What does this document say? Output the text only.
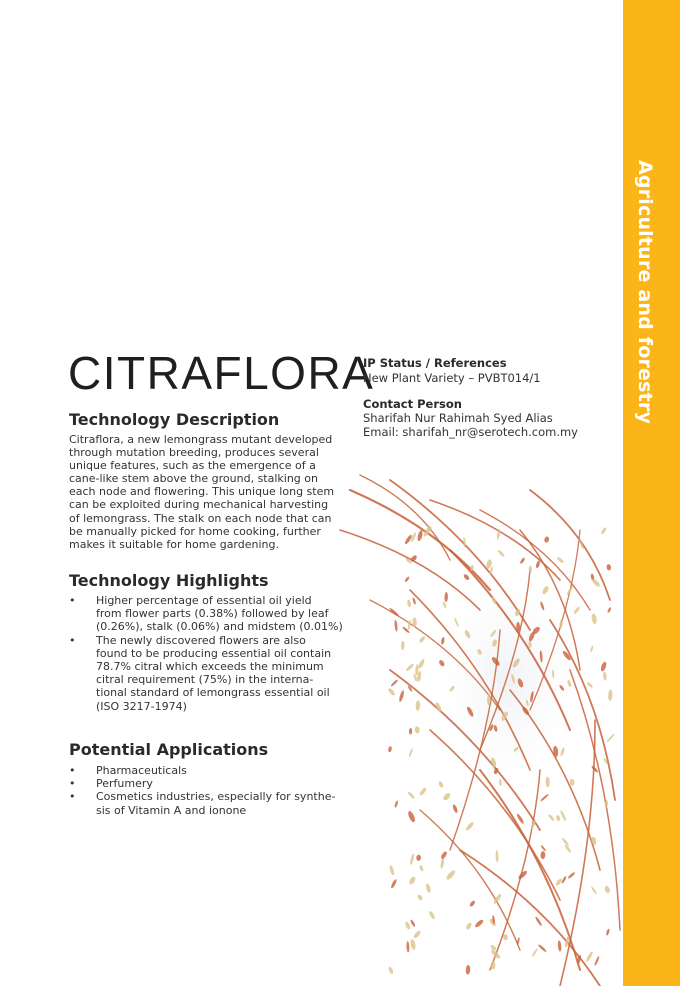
Agriculture and forestry
CITRAFLORA
IP Status / References
New Plant Variety – PVBT014/1
Contact Person
Sharifah Nur Rahimah Syed Alias
Email: sharifah_nr@serotech.com.my
Technology Description
Citraflora, a new lemongrass mutant developed
through mutation breeding, produces several
unique features, such as the emergence of a
cane-like stem above the ground, stalking on
each node and flowering. This unique long stem
can be exploited during mechanical harvesting
of lemongrass. The stalk on each node that can
be manually picked for home cooking, further
makes it suitable for home gardening.
Technology Highlights
• Higher percentage of essential oil yield
from flower parts (0.38%) followed by leaf
(0.26%), stalk (0.06%) and midstem (0.01%)
• The newly discovered flowers are also
found to be producing essential oil contain
78.7% citral which exceeds the minimum
citral requirement (75%) in the interna-
tional standard of lemongrass essential oil
(ISO 3217-1974)
Potential Applications
• Pharmaceuticals
• Perfumery
• Cosmetics industries, especially for synthe-
sis of Vitamin A and ionone
